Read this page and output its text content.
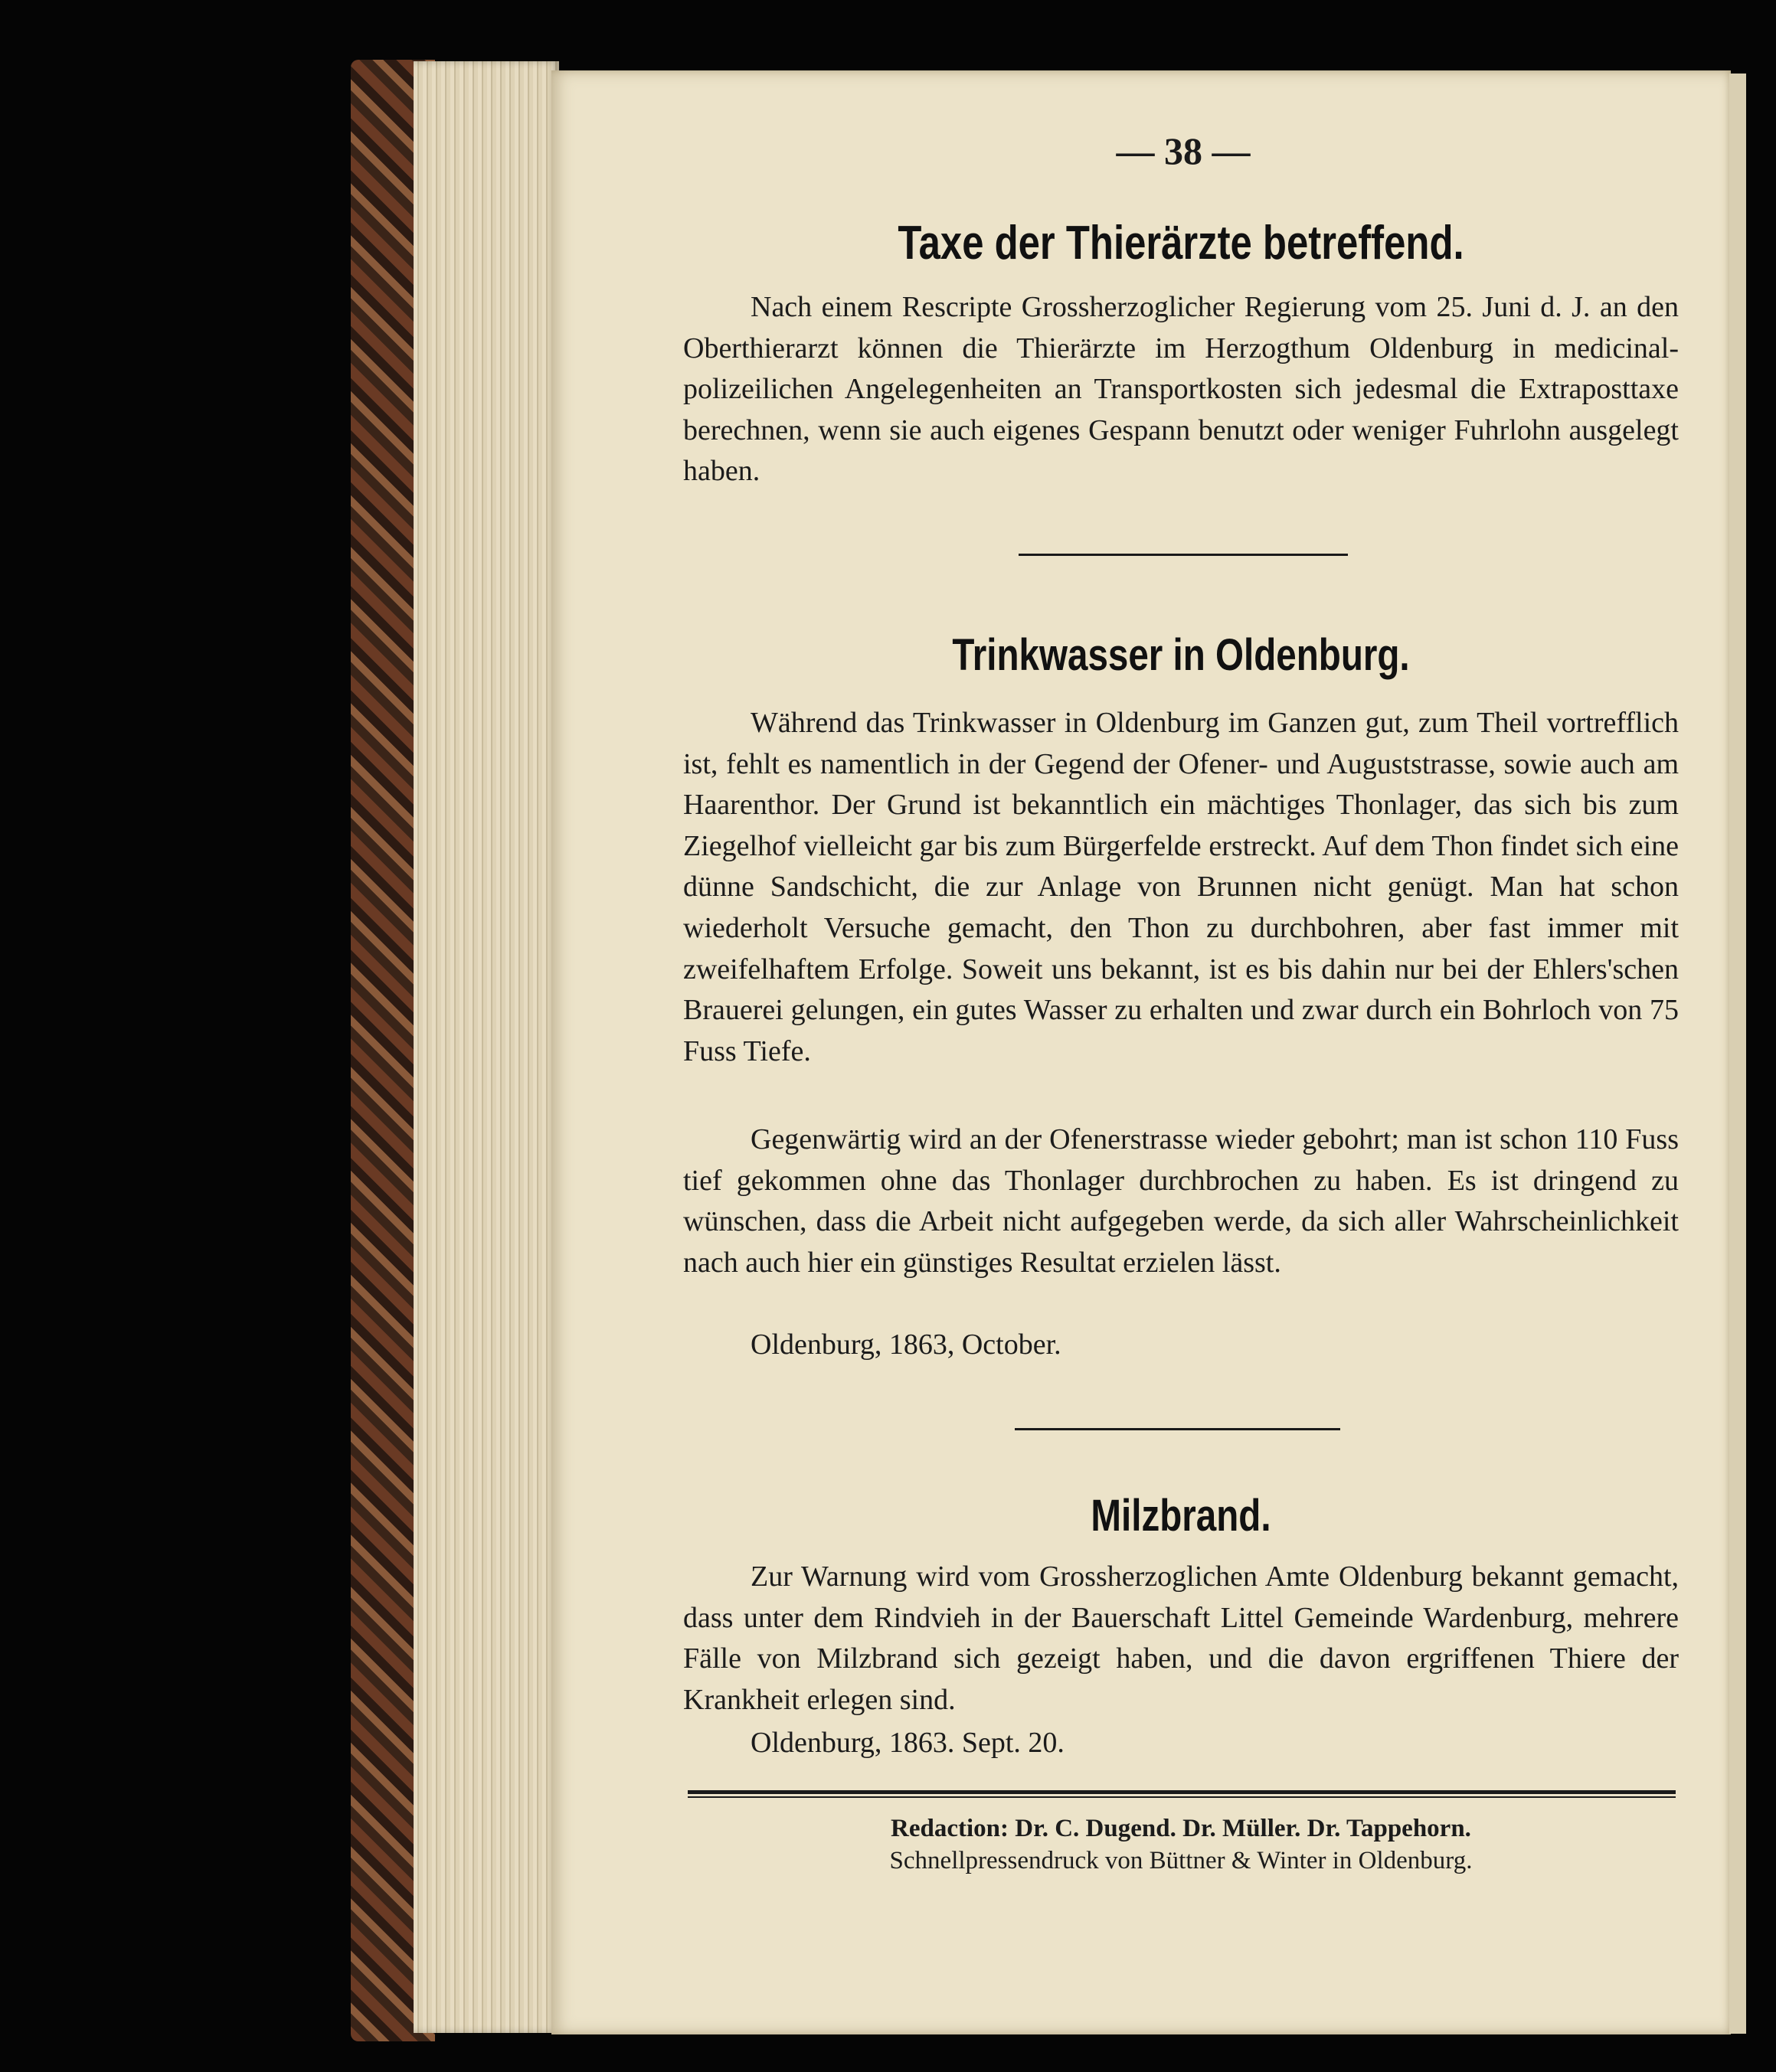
— 38 —
Taxe der Thierärzte betreffend.

Nach einem Rescripte Grossherzoglicher Regierung vom 25. Juni d. J. an den Oberthierarzt können die Thierärzte im Herzogthum Oldenburg in medicinal-polizeilichen Angelegenheiten an Transportkosten sich jedesmal die Extraposttaxe berechnen, wenn sie auch eigenes Gespann benutzt oder weniger Fuhrlohn ausgelegt haben.

Trinkwasser in Oldenburg.

Während das Trinkwasser in Oldenburg im Ganzen gut, zum Theil vortrefflich ist, fehlt es namentlich in der Gegend der Ofener- und Auguststrasse, sowie auch am Haarenthor. Der Grund ist bekanntlich ein mächtiges Thonlager, das sich bis zum Ziegelhof vielleicht gar bis zum Bürgerfelde erstreckt. Auf dem Thon findet sich eine dünne Sandschicht, die zur Anlage von Brunnen nicht genügt. Man hat schon wiederholt Versuche gemacht, den Thon zu durchbohren, aber fast immer mit zweifelhaftem Erfolge. Soweit uns bekannt, ist es bis dahin nur bei der Ehlers'schen Brauerei gelungen, ein gutes Wasser zu erhalten und zwar durch ein Bohrloch von 75 Fuss Tiefe.

Gegenwärtig wird an der Ofenerstrasse wieder gebohrt; man ist schon 110 Fuss tief gekommen ohne das Thonlager durchbrochen zu haben. Es ist dringend zu wünschen, dass die Arbeit nicht aufgegeben werde, da sich aller Wahrscheinlichkeit nach auch hier ein günstiges Resultat erzielen lässt.

Oldenburg, 1863, October.

Milzbrand.

Zur Warnung wird vom Grossherzoglichen Amte Oldenburg bekannt gemacht, dass unter dem Rindvieh in der Bauerschaft Littel Gemeinde Wardenburg, mehrere Fälle von Milzbrand sich gezeigt haben, und die davon ergriffenen Thiere der Krankheit erlegen sind.

Oldenburg, 1863. Sept. 20.

Redaction: Dr. C. Dugend. Dr. Müller. Dr. Tappehorn.

Schnellpressendruck von Büttner & Winter in Oldenburg.
